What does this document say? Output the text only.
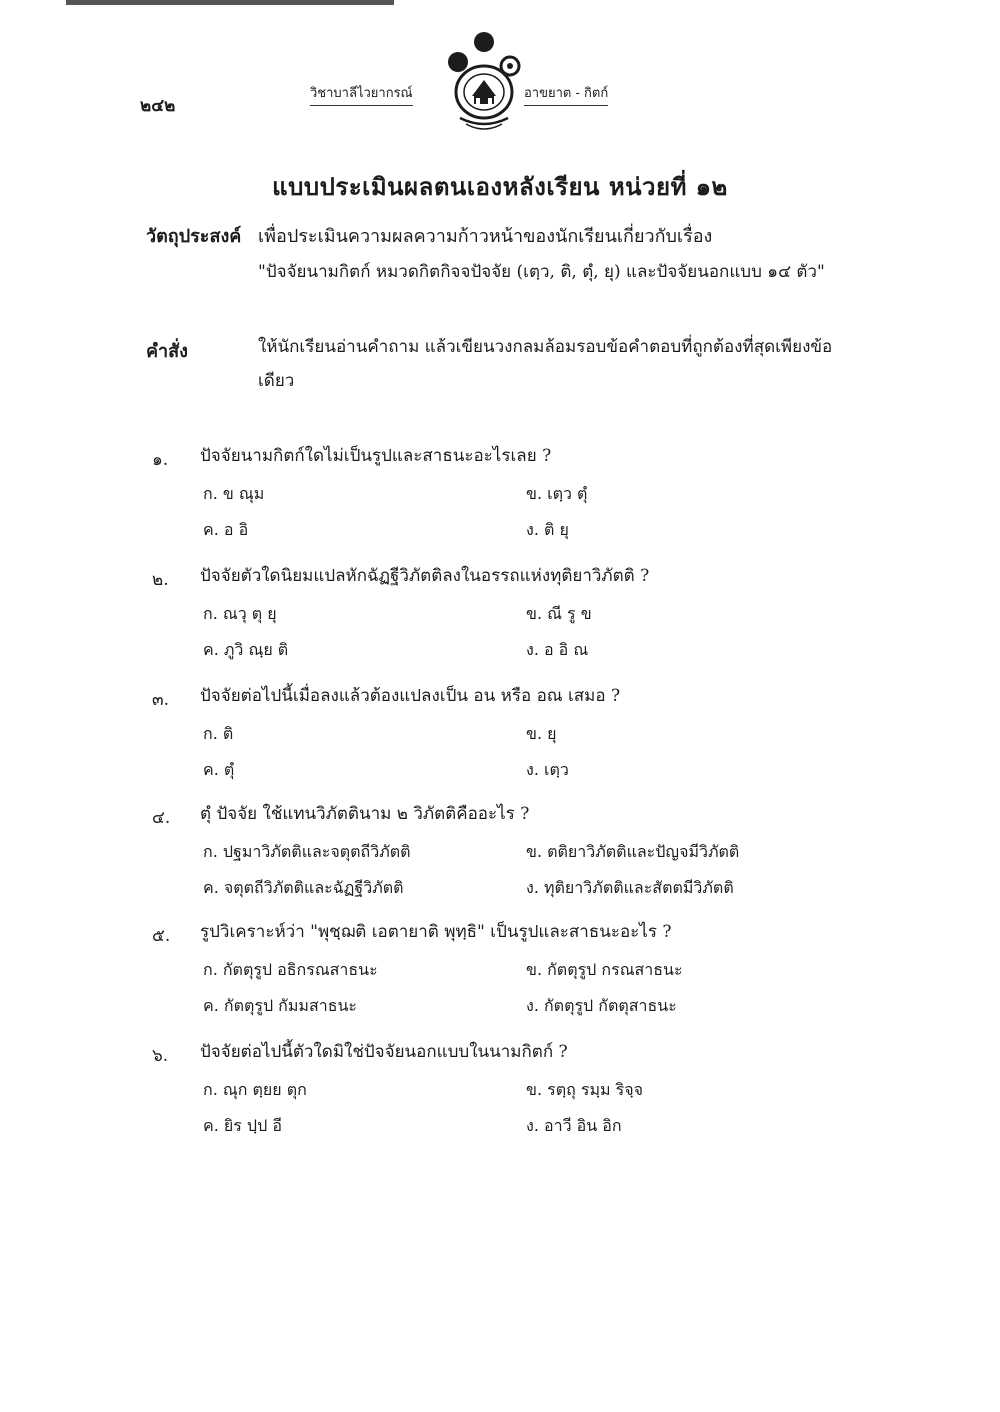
๒๔๒
วิชาบาลีไวยากรณ์	อาขยาต - กิตก์
แบบประเมินผลตนเองหลังเรียน หน่วยที่ ๑๒
วัตถุประสงค์ เพื่อประเมินความผลความก้าวหน้าของนักเรียนเกี่ยวกับเรื่อง
"ปัจจัยนามกิตก์ หมวดกิตกิจจปัจจัย (เตฺว, ติ, ตุํ, ยุ) และปัจจัยนอกแบบ ๑๔ ตัว"
คำสั่ง	ให้นักเรียนอ่านคำถาม แล้วเขียนวงกลมล้อมรอบข้อคำตอบที่ถูกต้องที่สุดเพียงข้อเดียว
๑. ปัจจัยนามกิตก์ใดไม่เป็นรูปและสาธนะอะไรเลย ?
ก. ข ณุม	ข. เตฺว ตุํ
ค. อ อิ	ง. ติ ยุ
๒. ปัจจัยตัวใดนิยมแปลหักฉัฏฐีวิภัตติลงในอรรถแห่งทุติยาวิภัตติ ?
ก. ณวุ ตุ ยุ	ข. ณี รู ข
ค. ภูวิ ณฺย ติ	ง. อ อิ ณ
๓. ปัจจัยต่อไปนี้เมื่อลงแล้วต้องแปลงเป็น อน หรือ อณ เสมอ ?
ก. ติ	ข. ยุ
ค. ตุํ	ง. เตฺว
๔. ตุํ ปัจจัย ใช้แทนวิภัตตินาม ๒ วิภัตติคืออะไร ?
ก. ปฐมาวิภัตติและจตุตถีวิภัตติ	ข. ตติยาวิภัตติและปัญจมีวิภัตติ
ค. จตุตถีวิภัตติและฉัฏฐีวิภัตติ	ง. ทุติยาวิภัตติและสัตตมีวิภัตติ
๕. รูปวิเคราะห์ว่า "พุชฺฌติ เอตายาติ พุทฺธิ" เป็นรูปและสาธนะอะไร ?
ก. กัตตุรูป อธิกรณสาธนะ	ข. กัตตุรูป กรณสาธนะ
ค. กัตตุรูป กัมมสาธนะ	ง. กัตตุรูป กัตตุสาธนะ
๖. ปัจจัยต่อไปนี้ตัวใดมิใช่ปัจจัยนอกแบบในนามกิตก์ ?
ก. ณุก ตฺยย ตุก	ข. รตฺถุ รมฺม ริจฺจ
ค. ยิร ปฺป อี	ง. อาวี อิน อิก
